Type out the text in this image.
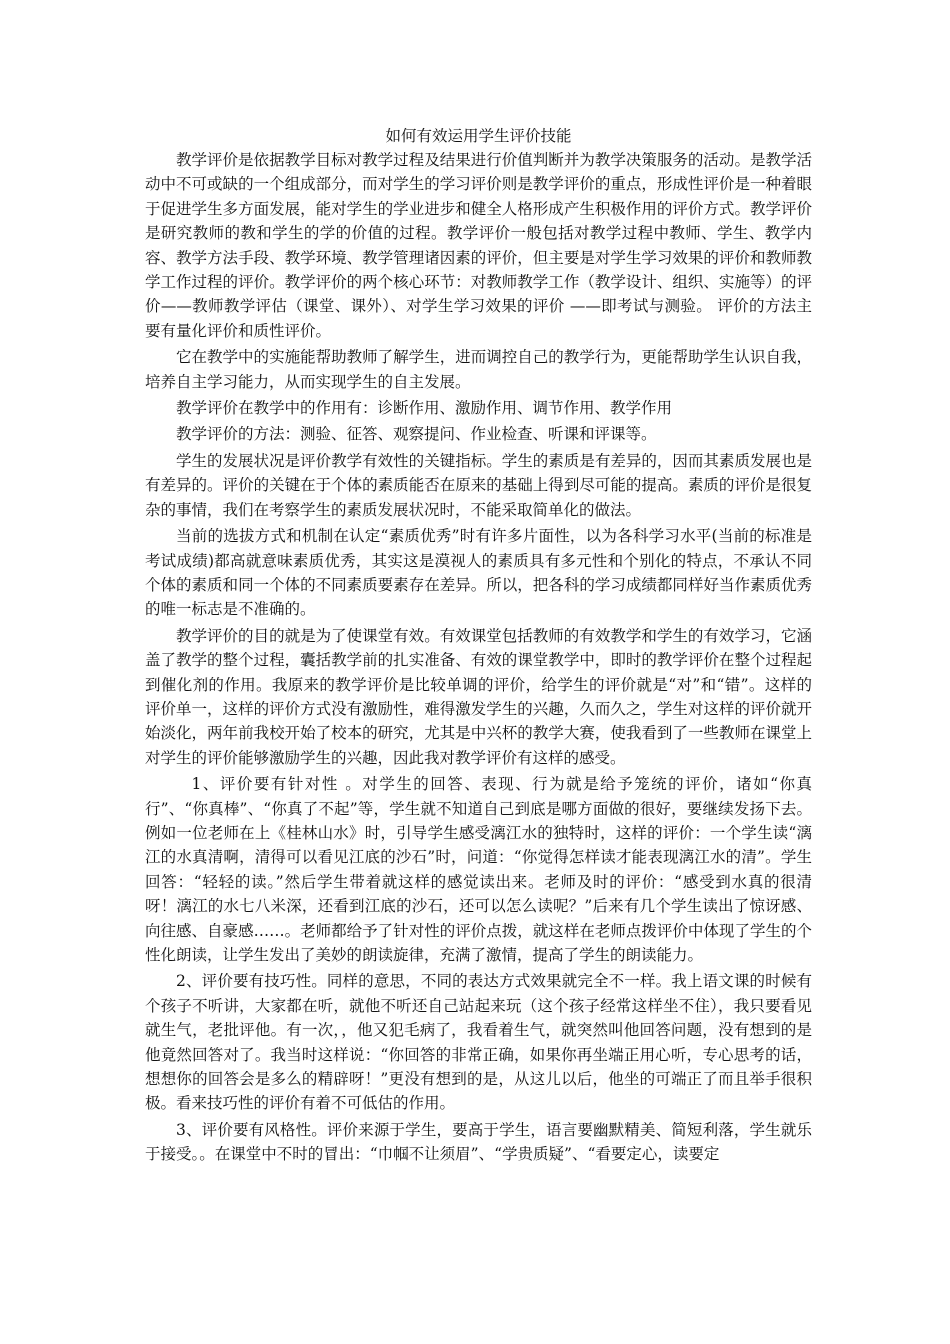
如何有效运用学生评价技能

教学评价是依据教学目标对教学过程及结果进行价值判断并为教学决策服务的活动。是教学活动中不可或缺的一个组成部分，而对学生的学习评价则是教学评价的重点，形成性评价是一种着眼于促进学生多方面发展，能对学生的学业进步和健全人格形成产生积极作用的评价方式。教学评价是研究教师的教和学生的学的价值的过程。教学评价一般包括对教学过程中教师、学生、教学内容、教学方法手段、教学环境、教学管理诸因素的评价，但主要是对学生学习效果的评价和教师教学工作过程的评价。教学评价的两个核心环节：对教师教学工作（教学设计、组织、实施等）的评价——教师教学评估（课堂、课外）、对学生学习效果的评价 ——即考试与测验。 评价的方法主要有量化评价和质性评价。

它在教学中的实施能帮助教师了解学生，进而调控自己的教学行为，更能帮助学生认识自我，培养自主学习能力，从而实现学生的自主发展。

教学评价在教学中的作用有：诊断作用、激励作用、调节作用、教学作用

教学评价的方法：测验、征答、观察提问、作业检查、听课和评课等。

学生的发展状况是评价教学有效性的关键指标。学生的素质是有差异的，因而其素质发展也是有差异的。评价的关键在于个体的素质能否在原来的基础上得到尽可能的提高。素质的评价是很复杂的事情，我们在考察学生的素质发展状况时，不能采取简单化的做法。

当前的选拔方式和机制在认定“素质优秀”时有许多片面性，以为各科学习水平(当前的标准是考试成绩)都高就意味素质优秀，其实这是漠视人的素质具有多元性和个别化的特点，不承认不同个体的素质和同一个体的不同素质要素存在差异。所以，把各科的学习成绩都同样好当作素质优秀的唯一标志是不准确的。

教学评价的目的就是为了使课堂有效。有效课堂包括教师的有效教学和学生的有效学习，它涵盖了教学的整个过程，囊括教学前的扎实准备、有效的课堂教学中，即时的教学评价在整个过程起到催化剂的作用。我原来的教学评价是比较单调的评价，给学生的评价就是“对”和“错”。这样的评价单一，这样的评价方式没有激励性，难得激发学生的兴趣，久而久之，学生对这样的评价就开始淡化，两年前我校开始了校本的研究，尤其是中兴杯的教学大赛，使我看到了一些教师在课堂上对学生的评价能够激励学生的兴趣，因此我对教学评价有这样的感受。

1、评价要有针对性 。对学生的回答、表现、行为就是给予笼统的评价，诸如“你真行”、“你真棒”、“你真了不起”等，学生就不知道自己到底是哪方面做的很好，要继续发扬下去。例如一位老师在上《桂林山水》时，引导学生感受漓江水的独特时，这样的评价：一个学生读“漓江的水真清啊，清得可以看见江底的沙石”时，问道：“你觉得怎样读才能表现漓江水的清”。学生回答：“轻轻的读。”然后学生带着就这样的感觉读出来。老师及时的评价：“感受到水真的很清呀！漓江的水七八米深，还看到江底的沙石，还可以怎么读呢？”后来有几个学生读出了惊讶感、向往感、自豪感……。老师都给予了针对性的评价点拨，就这样在老师点拨评价中体现了学生的个性化朗读，让学生发出了美妙的朗读旋律，充满了激情，提高了学生的朗读能力。

2、评价要有技巧性。同样的意思，不同的表达方式效果就完全不一样。我上语文课的时候有个孩子不听讲，大家都在听，就他不听还自己站起来玩（这个孩子经常这样坐不住），我只要看见就生气，老批评他。有一次，，他又犯毛病了，我看着生气，就突然叫他回答问题，没有想到的是他竟然回答对了。我当时这样说：“你回答的非常正确，如果你再坐端正用心听，专心思考的话，想想你的回答会是多么的精辟呀！”更没有想到的是，从这儿以后，他坐的可端正了而且举手很积极。看来技巧性的评价有着不可低估的作用。

3、评价要有风格性。评价来源于学生，要高于学生，语言要幽默精美、简短利落，学生就乐于接受。。在课堂中不时的冒出：“巾帼不让须眉”、“学贵质疑”、“看要定心，读要定
